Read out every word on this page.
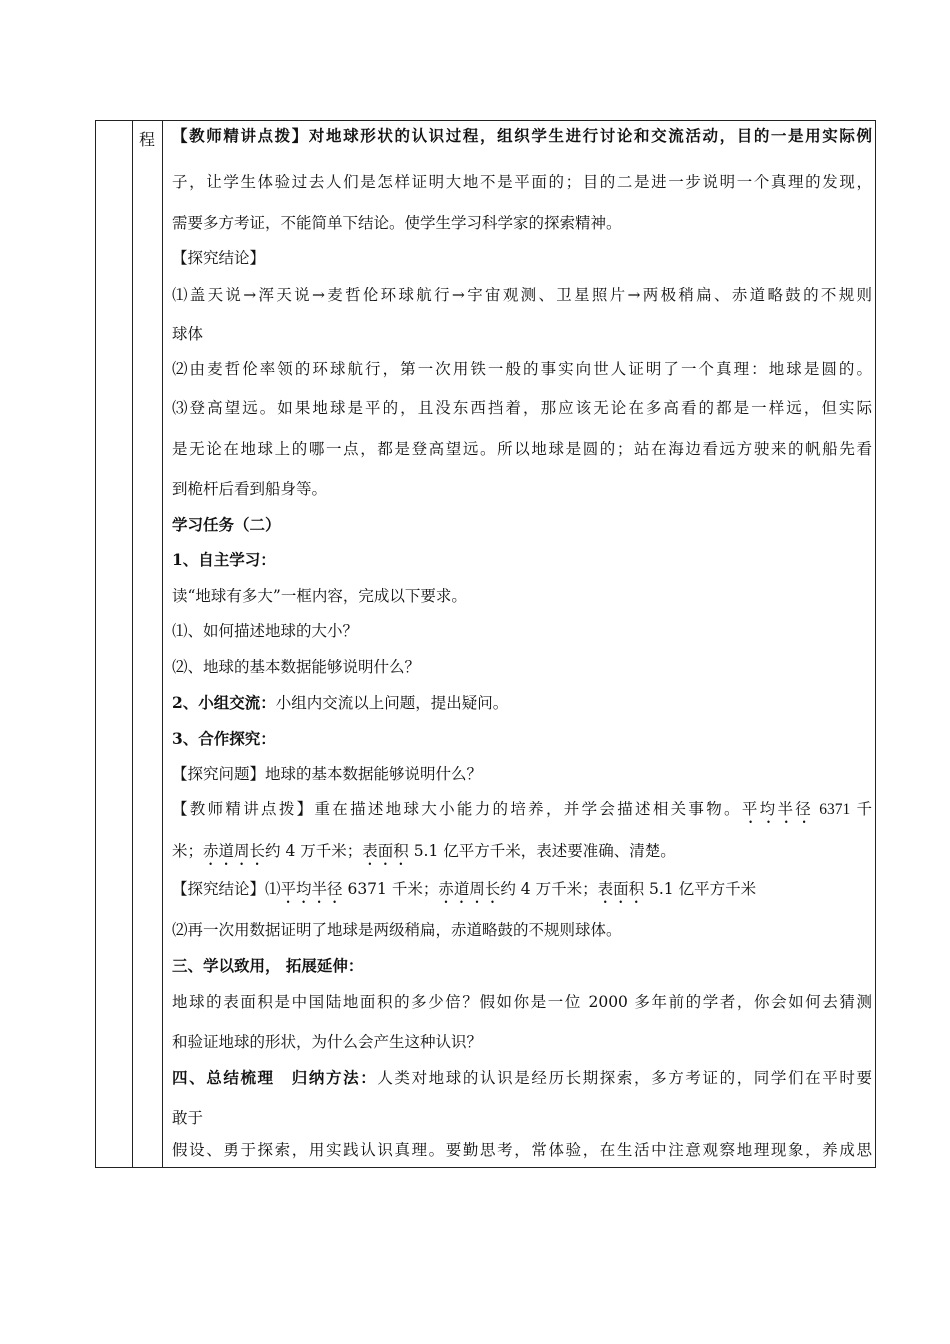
程 【教师精讲点拨】对地球形状的认识过程，组织学生进行讨论和交流活动，目的一是用实际例
子，让学生体验过去人们是怎样证明大地不是平面的；目的二是进一步说明一个真理的发现，
需要多方考证，不能简单下结论。使学生学习科学家的探索精神。
【探究结论】
⑴盖天说→浑天说→麦哲伦环球航行→宇宙观测、卫星照片→两极稍扁、赤道略鼓的不规则
球体
⑵由麦哲伦率领的环球航行，第一次用铁一般的事实向世人证明了一个真理：地球是圆的。
⑶登高望远。如果地球是平的，且没东西挡着，那应该无论在多高看的都是一样远，但实际
是无论在地球上的哪一点，都是登高望远。所以地球是圆的；站在海边看远方驶来的帆船先看
到桅杆后看到船身等。
学习任务（二）
1、自主学习：
读“地球有多大”一框内容，完成以下要求。
⑴、如何描述地球的大小？
⑵、地球的基本数据能够说明什么？
2、小组交流：小组内交流以上问题，提出疑问。
3、合作探究：
【探究问题】地球的基本数据能够说明什么？
【教师精讲点拨】重在描述地球大小能力的培养，并学会描述相关事物。平均半径 6371 千
米；赤道周长约 4 万千米；表面积 5.1 亿平方千米，表述要准确、清楚。
【探究结论】⑴平均半径 6371 千米；赤道周长约 4 万千米；表面积 5.1 亿平方千米
⑵再一次用数据证明了地球是两级稍扁，赤道略鼓的不规则球体。
三、学以致用， 拓展延伸：
地球的表面积是中国陆地面积的多少倍？假如你是一位 2000 多年前的学者，你会如何去猜测
和验证地球的形状，为什么会产生这种认识？
四、总结梳理　归纳方法：人类对地球的认识是经历长期探索，多方考证的，同学们在平时要
敢于
假设、勇于探索，用实践认识真理。要勤思考，常体验，在生活中注意观察地理现象，养成思
